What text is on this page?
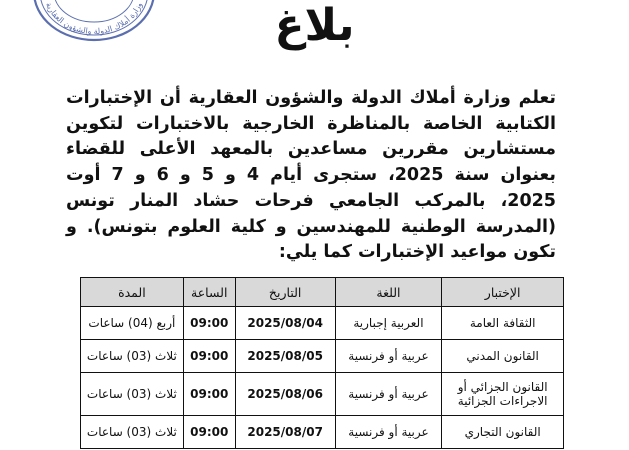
وزارة أملاك الدولة والشؤون العقارية	بلاغ
تعلم وزارة أملاك الدولة والشؤون العقارية أن الإختبارات الكتابية الخاصة بالمناظرة الخارجية بالاختبارات لتكوين مستشارين مقررين مساعدين بالمعهد الأعلى للقضاء بعنوان سنة 2025، ستجرى أيام 4 و 5 و 6 و 7 أوت 2025، بالمركب الجامعي فرحات حشاد المنار تونس (المدرسة الوطنية للمهندسين و كلية العلوم بتونس). و تكون مواعيد الإختبارات كما يلي:
الإختبار	اللغة	التاريخ	الساعة	المدة
الثقافة العامة	العربية إجبارية	2025/08/04	09:00	أربع (04) ساعات
القانون المدني	عربية أو فرنسية	2025/08/05	09:00	ثلاث (03) ساعات
القانون الجزائي أو الاجراءات الجزائية	عربية أو فرنسية	2025/08/06	09:00	ثلاث (03) ساعات
القانون التجاري	عربية أو فرنسية	2025/08/07	09:00	ثلاث (03) ساعات
